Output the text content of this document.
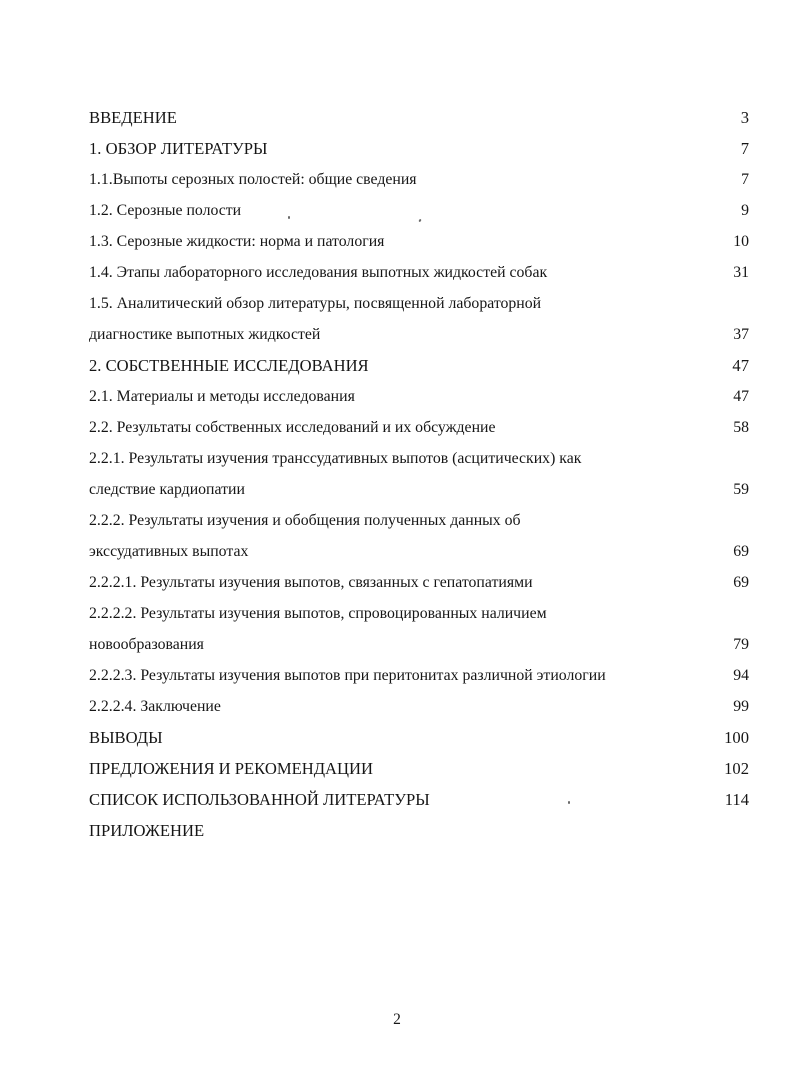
ВВЕДЕНИЕ	3
1. ОБЗОР ЛИТЕРАТУРЫ	7
1.1.Выпоты серозных полостей: общие сведения	7
1.2. Серозные полости	9
1.3. Серозные жидкости: норма и патология	10
1.4. Этапы лабораторного исследования выпотных жидкостей собак	31
1.5. Аналитический обзор литературы, посвященной лабораторной
диагностике выпотных жидкостей	37
2. СОБСТВЕННЫЕ ИССЛЕДОВАНИЯ	47
2.1. Материалы и методы исследования	47
2.2. Результаты собственных исследований и их обсуждение	58
2.2.1. Результаты изучения транссудативных выпотов (асцитических) как
следствие кардиопатии	59
2.2.2. Результаты изучения и обобщения полученных данных об
экссудативных выпотах	69
2.2.2.1. Результаты изучения выпотов, связанных с гепатопатиями	69
2.2.2.2. Результаты изучения выпотов, спровоцированных наличием
новообразования	79
2.2.2.3. Результаты изучения выпотов при перитонитах различной этиологии	94
2.2.2.4. Заключение	99
ВЫВОДЫ	100
ПРЕДЛОЖЕНИЯ И РЕКОМЕНДАЦИИ	102
СПИСОК ИСПОЛЬЗОВАННОЙ ЛИТЕРАТУРЫ	114
ПРИЛОЖЕНИЕ
2
